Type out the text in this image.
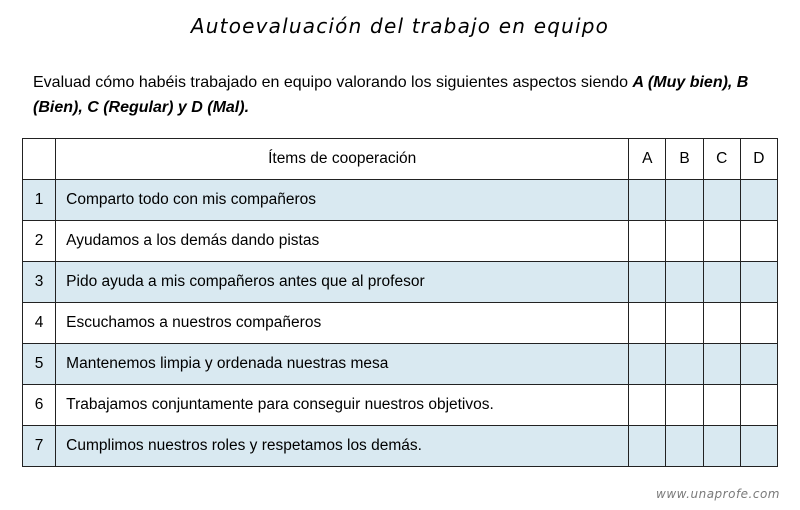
Autoevaluación del trabajo en equipo
Evaluad cómo habéis trabajado en equipo valorando los siguientes aspectos siendo A (Muy bien), B (Bien), C (Regular) y D (Mal).
	Ítems de cooperación	A	B	C	D
1	Comparto todo con mis compañeros				
2	Ayudamos a los demás dando pistas				
3	Pido ayuda a mis compañeros antes que al profesor				
4	Escuchamos a nuestros compañeros				
5	Mantenemos limpia y ordenada nuestras mesa				
6	Trabajamos conjuntamente para conseguir nuestros objetivos.				
7	Cumplimos nuestros roles y respetamos los demás.				
www.unaprofe.com
